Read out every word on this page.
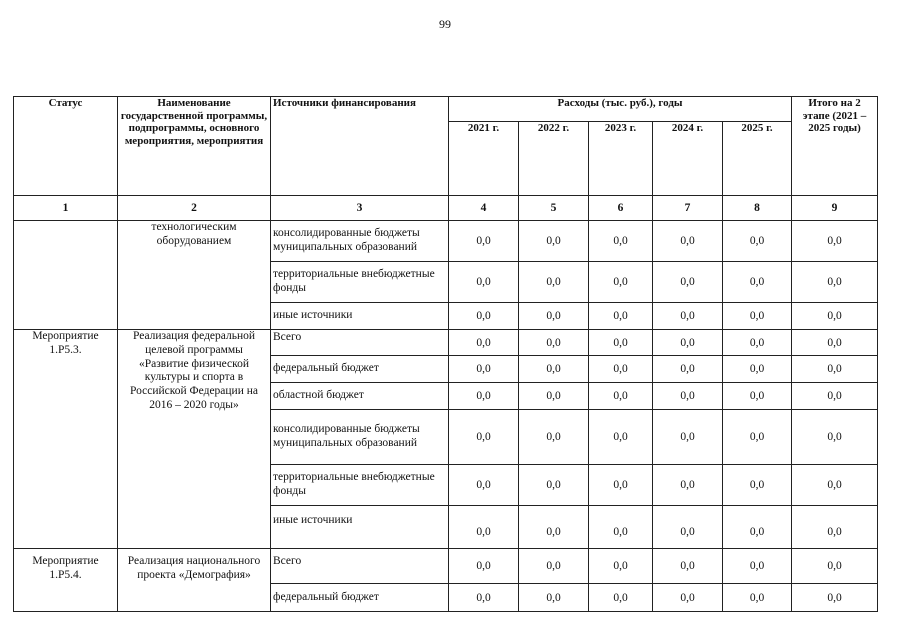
99
Статус	Наименование государственной программы, подпрограммы, основного мероприятия, мероприятия	Источники финансирования	Расходы (тыс. руб.), годы					Итого на 2 этапе (2021 – 2025 годы)
			2021 г.	2022 г.	2023 г.	2024 г.	2025 г.	
1	2	3	4	5	6	7	8	9
	технологическим оборудованием	консолидированные бюджеты муниципальных образований	0,0	0,0	0,0	0,0	0,0	0,0
		территориальные внебюджетные фонды	0,0	0,0	0,0	0,0	0,0	0,0
		иные источники	0,0	0,0	0,0	0,0	0,0	0,0
Мероприятие 1.Р5.3.	Реализация федеральной целевой программы «Развитие физической культуры и спорта в Российской Федерации на 2016 – 2020 годы»	Всего	0,0	0,0	0,0	0,0	0,0	0,0
		федеральный бюджет	0,0	0,0	0,0	0,0	0,0	0,0
		областной бюджет	0,0	0,0	0,0	0,0	0,0	0,0
		консолидированные бюджеты муниципальных образований	0,0	0,0	0,0	0,0	0,0	0,0
		территориальные внебюджетные фонды	0,0	0,0	0,0	0,0	0,0	0,0
		иные источники	0,0	0,0	0,0	0,0	0,0	0,0
Мероприятие 1.Р5.4.	Реализация национального проекта «Демография»	Всего	0,0	0,0	0,0	0,0	0,0	0,0
		федеральный бюджет	0,0	0,0	0,0	0,0	0,0	0,0
